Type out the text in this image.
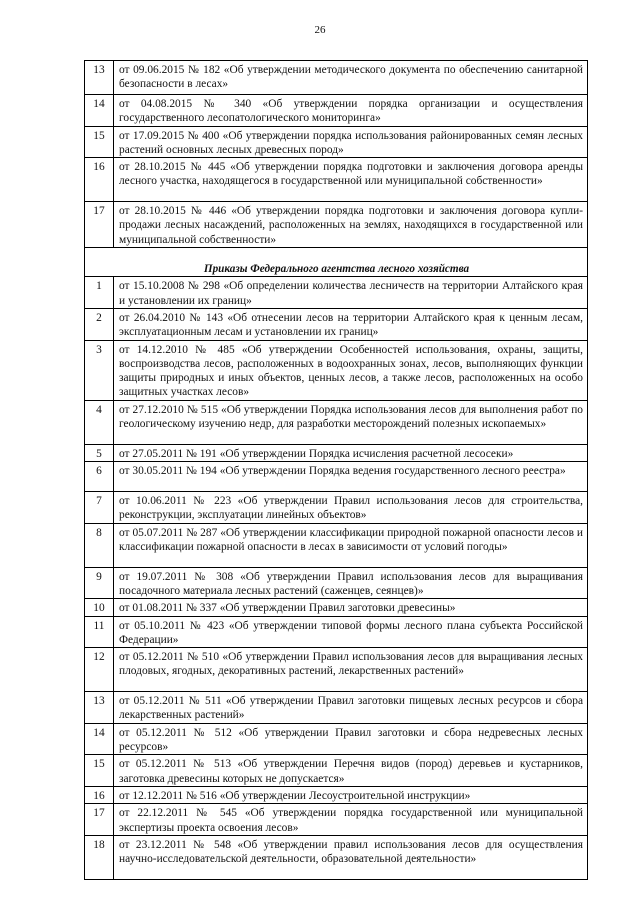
26
13	от 09.06.2015 № 182 «Об утверждении методического документа по обеспечению санитарной безопасности в лесах»
14	от 04.08.2015 № 340 «Об утверждении порядка организации и осуществления государственного лесопатологического мониторинга»
15	от 17.09.2015 № 400 «Об утверждении порядка использования районированных семян лесных растений основных лесных древесных пород»
16	от 28.10.2015 № 445 «Об утверждении порядка подготовки и заключения договора аренды лесного участка, находящегося в государственной или муниципальной собственности»
17	от 28.10.2015 № 446 «Об утверждении порядка подготовки и заключения договора купли-продажи лесных насаждений, расположенных на землях, находящихся в государственной или муниципальной собственности»
Приказы Федерального агентства лесного хозяйства	
1	от 15.10.2008 № 298 «Об определении количества лесничеств на территории Алтайского края и установлении их границ»
2	от 26.04.2010 № 143 «Об отнесении лесов на территории Алтайского края к ценным лесам, эксплуатационным лесам и установлении их границ»
3	от 14.12.2010 № 485 «Об утверждении Особенностей использования, охраны, защиты, воспроизводства лесов, расположенных в водоохранных зонах, лесов, выполняющих функции защиты природных и иных объектов, ценных лесов, а также лесов, расположенных на особо защитных участках лесов»
4	от 27.12.2010 № 515 «Об утверждении Порядка использования лесов для выполнения работ по геологическому изучению недр, для разработки месторождений полезных ископаемых»
5	от 27.05.2011 № 191 «Об утверждении Порядка исчисления расчетной лесосеки»
6	от 30.05.2011 № 194 «Об утверждении Порядка ведения государственного лесного реестра»
7	от 10.06.2011 № 223 «Об утверждении Правил использования лесов для строительства, реконструкции, эксплуатации линейных объектов»
8	от 05.07.2011 № 287 «Об утверждении классификации природной пожарной опасности лесов и классификации пожарной опасности в лесах в зависимости от условий погоды»
9	от 19.07.2011 № 308 «Об утверждении Правил использования лесов для выращивания посадочного материала лесных растений (саженцев, сеянцев)»
10	от 01.08.2011 № 337 «Об утверждении Правил заготовки древесины»
11	от 05.10.2011 № 423 «Об утверждении типовой формы лесного плана субъекта Российской Федерации»
12	от 05.12.2011 № 510 «Об утверждении Правил использования лесов для выращивания лесных плодовых, ягодных, декоративных растений, лекарственных растений»
13	от 05.12.2011 № 511 «Об утверждении Правил заготовки пищевых лесных ресурсов и сбора лекарственных растений»
14	от 05.12.2011 № 512 «Об утверждении Правил заготовки и сбора недревесных лесных ресурсов»
15	от 05.12.2011 № 513 «Об утверждении Перечня видов (пород) деревьев и кустарников, заготовка древесины которых не допускается»
16	от 12.12.2011 № 516 «Об утверждении Лесоустроительной инструкции»
17	от 22.12.2011 № 545 «Об утверждении порядка государственной или муниципальной экспертизы проекта освоения лесов»
18	от 23.12.2011 № 548 «Об утверждении правил использования лесов для осуществления научно-исследовательской деятельности, образовательной деятельности»
